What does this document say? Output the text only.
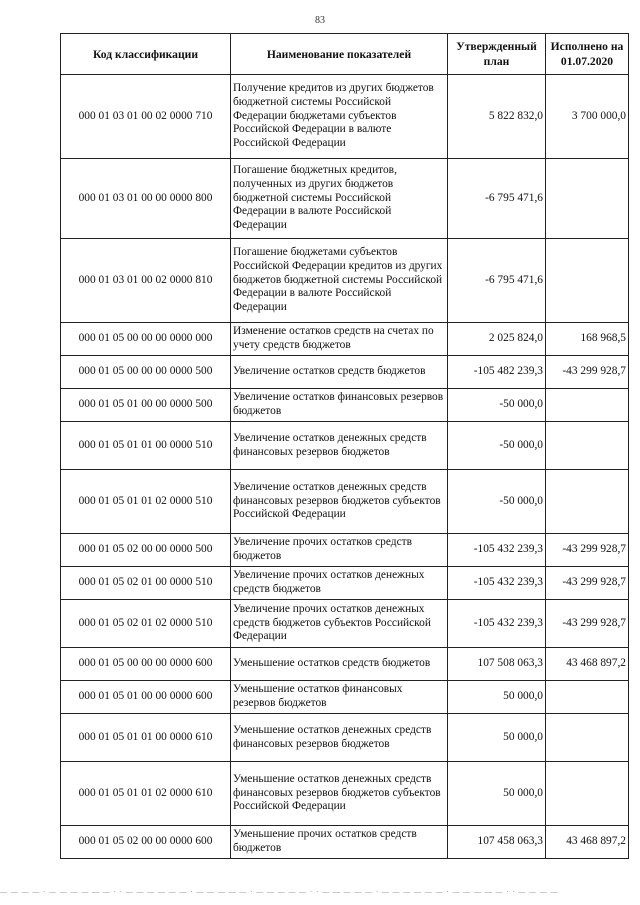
83
Код классификации	Наименование показателей	Утвержденный план	Исполнено на 01.07.2020
000 01 03 01 00 02 0000 710	Получение кредитов из других бюджетов бюджетной системы Российской Федерации бюджетами субъектов Российской Федерации в валюте Российской Федерации	5 822 832,0	3 700 000,0
000 01 03 01 00 00 0000 800	Погашение бюджетных кредитов, полученных из других бюджетов бюджетной системы Российской Федерации в валюте Российской Федерации	-6 795 471,6	
000 01 03 01 00 02 0000 810	Погашение бюджетами субъектов Российской Федерации кредитов из других бюджетов бюджетной системы Российской Федерации в валюте Российской Федерации	-6 795 471,6	
000 01 05 00 00 00 0000 000	Изменение остатков средств на счетах по учету средств бюджетов	2 025 824,0	168 968,5
000 01 05 00 00 00 0000 500	Увеличение остатков средств бюджетов	-105 482 239,3	-43 299 928,7
000 01 05 01 00 00 0000 500	Увеличение остатков финансовых резервов бюджетов	-50 000,0	
000 01 05 01 01 00 0000 510	Увеличение остатков денежных средств финансовых резервов бюджетов	-50 000,0	
000 01 05 01 01 02 0000 510	Увеличение остатков денежных средств финансовых резервов бюджетов субъектов Российской Федерации	-50 000,0	
000 01 05 02 00 00 0000 500	Увеличение прочих остатков средств бюджетов	-105 432 239,3	-43 299 928,7
000 01 05 02 01 00 0000 510	Увеличение прочих остатков денежных средств бюджетов	-105 432 239,3	-43 299 928,7
000 01 05 02 01 02 0000 510	Увеличение прочих остатков денежных средств бюджетов субъектов Российской Федерации	-105 432 239,3	-43 299 928,7
000 01 05 00 00 00 0000 600	Уменьшение остатков средств бюджетов	107 508 063,3	43 468 897,2
000 01 05 01 00 00 0000 600	Уменьшение остатков финансовых резервов бюджетов	50 000,0	
000 01 05 01 01 00 0000 610	Уменьшение остатков денежных средств финансовых резервов бюджетов	50 000,0	
000 01 05 01 01 02 0000 610	Уменьшение остатков денежных средств финансовых резервов бюджетов субъектов Российской Федерации	50 000,0	
000 01 05 02 00 00 0000 600	Уменьшение прочих остатков средств бюджетов	107 458 063,3	43 468 897,2
— — — — · — — — — — — · · — — — — — — · — — — — — · — — — — — · · — — — — — · — — — — — — · — — — — — · · — — — —
